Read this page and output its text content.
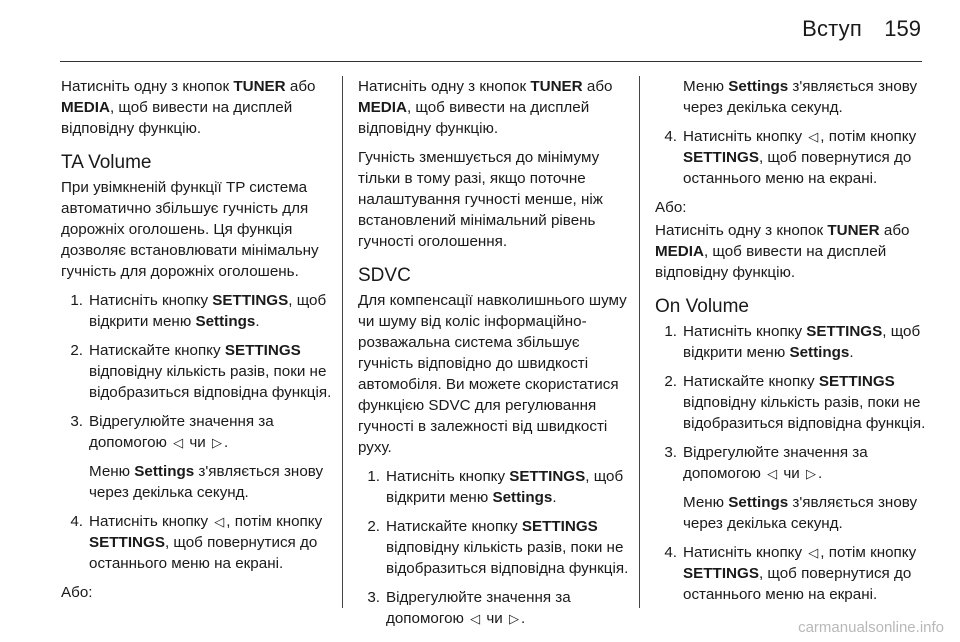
Вступ 159

Натисніть одну з кнопок TUNER або MEDIA, щоб вивести на дисплей відповідну функцію.

TA Volume

При увімкненій функції TP система автоматично збільшує гучність для дорожніх оголошень. Ця функція дозволяє встановлювати мінімальну гучність для дорожніх оголошень.

1. Натисніть кнопку SETTINGS, щоб відкрити меню Settings.
2. Натискайте кнопку SETTINGS відповідну кількість разів, поки не відобразиться відповідна функція.
3. Відрегулюйте значення за допомогою ◁ чи ▷ .

Меню Settings з'являється знову через декілька секунд.

4. Натисніть кнопку ◁ , потім кнопку SETTINGS, щоб повернутися до останнього меню на екрані.

Або:

Натисніть одну з кнопок TUNER або MEDIA, щоб вивести на дисплей відповідну функцію.

Гучність зменшується до мінімуму тільки в тому разі, якщо поточне налаштування гучності менше, ніж встановлений мінімальний рівень гучності оголошення.

SDVC

Для компенсації навколишнього шуму чи шуму від коліс інформаційно-розважальна система збільшує гучність відповідно до швидкості автомобіля. Ви можете скористатися функцією SDVC для регулювання гучності в залежності від швидкості руху.

1. Натисніть кнопку SETTINGS, щоб відкрити меню Settings.
2. Натискайте кнопку SETTINGS відповідну кількість разів, поки не відобразиться відповідна функція.
3. Відрегулюйте значення за допомогою ◁ чи ▷ .

Меню Settings з'являється знову через декілька секунд.

4. Натисніть кнопку ◁ , потім кнопку SETTINGS, щоб повернутися до останнього меню на екрані.

Або:

Натисніть одну з кнопок TUNER або MEDIA, щоб вивести на дисплей відповідну функцію.

On Volume
1. Натисніть кнопку SETTINGS, щоб відкрити меню Settings.
2. Натискайте кнопку SETTINGS відповідну кількість разів, поки не відобразиться відповідна функція.
3. Відрегулюйте значення за допомогою ◁ чи ▷ .

Меню Settings з'являється знову через декілька секунд.

4. Натисніть кнопку ◁ , потім кнопку SETTINGS, щоб повернутися до останнього меню на екрані.
carmanualsonline.info
